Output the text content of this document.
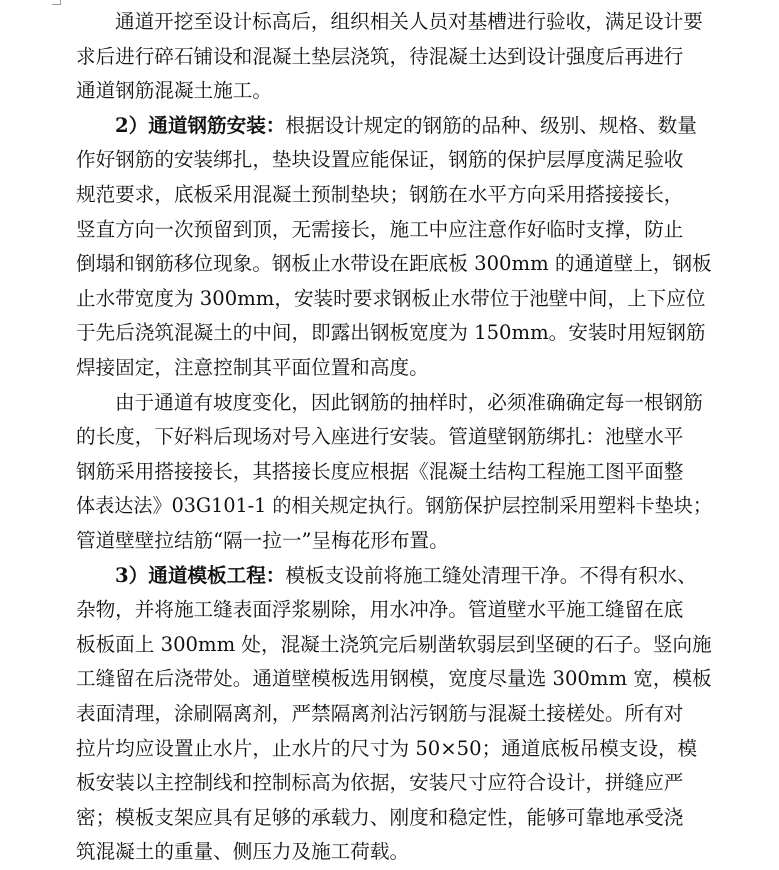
通道开挖至设计标高后，组织相关人员对基槽进行验收，满足设计要
求后进行碎石铺设和混凝土垫层浇筑，待混凝土达到设计强度后再进行
通道钢筋混凝土施工。
2）通道钢筋安装：根据设计规定的钢筋的品种、级别、规格、数量
作好钢筋的安装绑扎，垫块设置应能保证，钢筋的保护层厚度满足验收
规范要求，底板采用混凝土预制垫块；钢筋在水平方向采用搭接接长，
竖直方向一次预留到顶，无需接长，施工中应注意作好临时支撑，防止
倒塌和钢筋移位现象。钢板止水带设在距底板 300mm 的通道壁上，钢板
止水带宽度为 300mm，安装时要求钢板止水带位于池壁中间，上下应位
于先后浇筑混凝土的中间，即露出钢板宽度为 150mm。安装时用短钢筋
焊接固定，注意控制其平面位置和高度。
由于通道有坡度变化，因此钢筋的抽样时，必须准确确定每一根钢筋
的长度，下好料后现场对号入座进行安装。管道壁钢筋绑扎：池壁水平
钢筋采用搭接接长，其搭接长度应根据《混凝土结构工程施工图平面整
体表达法》03G101-1 的相关规定执行。钢筋保护层控制采用塑料卡垫块；
管道壁壁拉结筋“隔一拉一”呈梅花形布置。
3）通道模板工程：模板支设前将施工缝处清理干净。不得有积水、
杂物，并将施工缝表面浮浆剔除，用水冲净。管道壁水平施工缝留在底
板板面上 300mm 处，混凝土浇筑完后剔凿软弱层到坚硬的石子。竖向施
工缝留在后浇带处。通道壁模板选用钢模，宽度尽量选 300mm 宽，模板
表面清理，涂刷隔离剂，严禁隔离剂沾污钢筋与混凝土接槎处。所有对
拉片均应设置止水片，止水片的尺寸为 50×50；通道底板吊模支设，模
板安装以主控制线和控制标高为依据，安装尺寸应符合设计，拼缝应严
密；模板支架应具有足够的承载力、刚度和稳定性，能够可靠地承受浇
筑混凝土的重量、侧压力及施工荷载。
